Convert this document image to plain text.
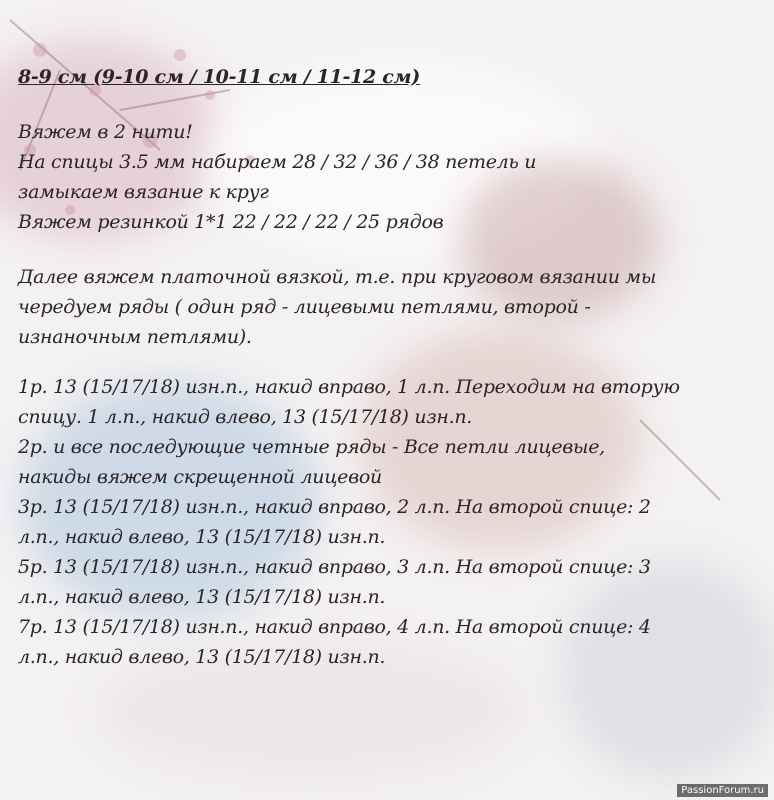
8-9 см (9-10 см / 10-11 см / 11-12 см)

Вяжем в 2 нити!

На спицы 3.5 мм набираем 28 / 32 / 36 / 38 петель и

замыкаем вязание к круг

Вяжем резинкой 1*1 22 / 22 / 22 / 25 рядов

Далее вяжем платочной вязкой, т.е. при круговом вязании мы

чередуем ряды ( один ряд - лицевыми петлями, второй -

изнаночным петлями).

1р. 13 (15/17/18) изн.п., накид вправо, 1 л.п. Переходим на вторую

спицу. 1 л.п., накид влево, 13 (15/17/18) изн.п.

2р. и все последующие четные ряды - Все петли лицевые,

накиды вяжем скрещенной лицевой

3р. 13 (15/17/18) изн.п., накид вправо, 2 л.п. На второй спице: 2

л.п., накид влево, 13 (15/17/18) изн.п.

5р. 13 (15/17/18) изн.п., накид вправо, 3 л.п. На второй спице: 3

л.п., накид влево, 13 (15/17/18) изн.п.

7р. 13 (15/17/18) изн.п., накид вправо, 4 л.п. На второй спице: 4

л.п., накид влево, 13 (15/17/18) изн.п.

PassionForum.ru
